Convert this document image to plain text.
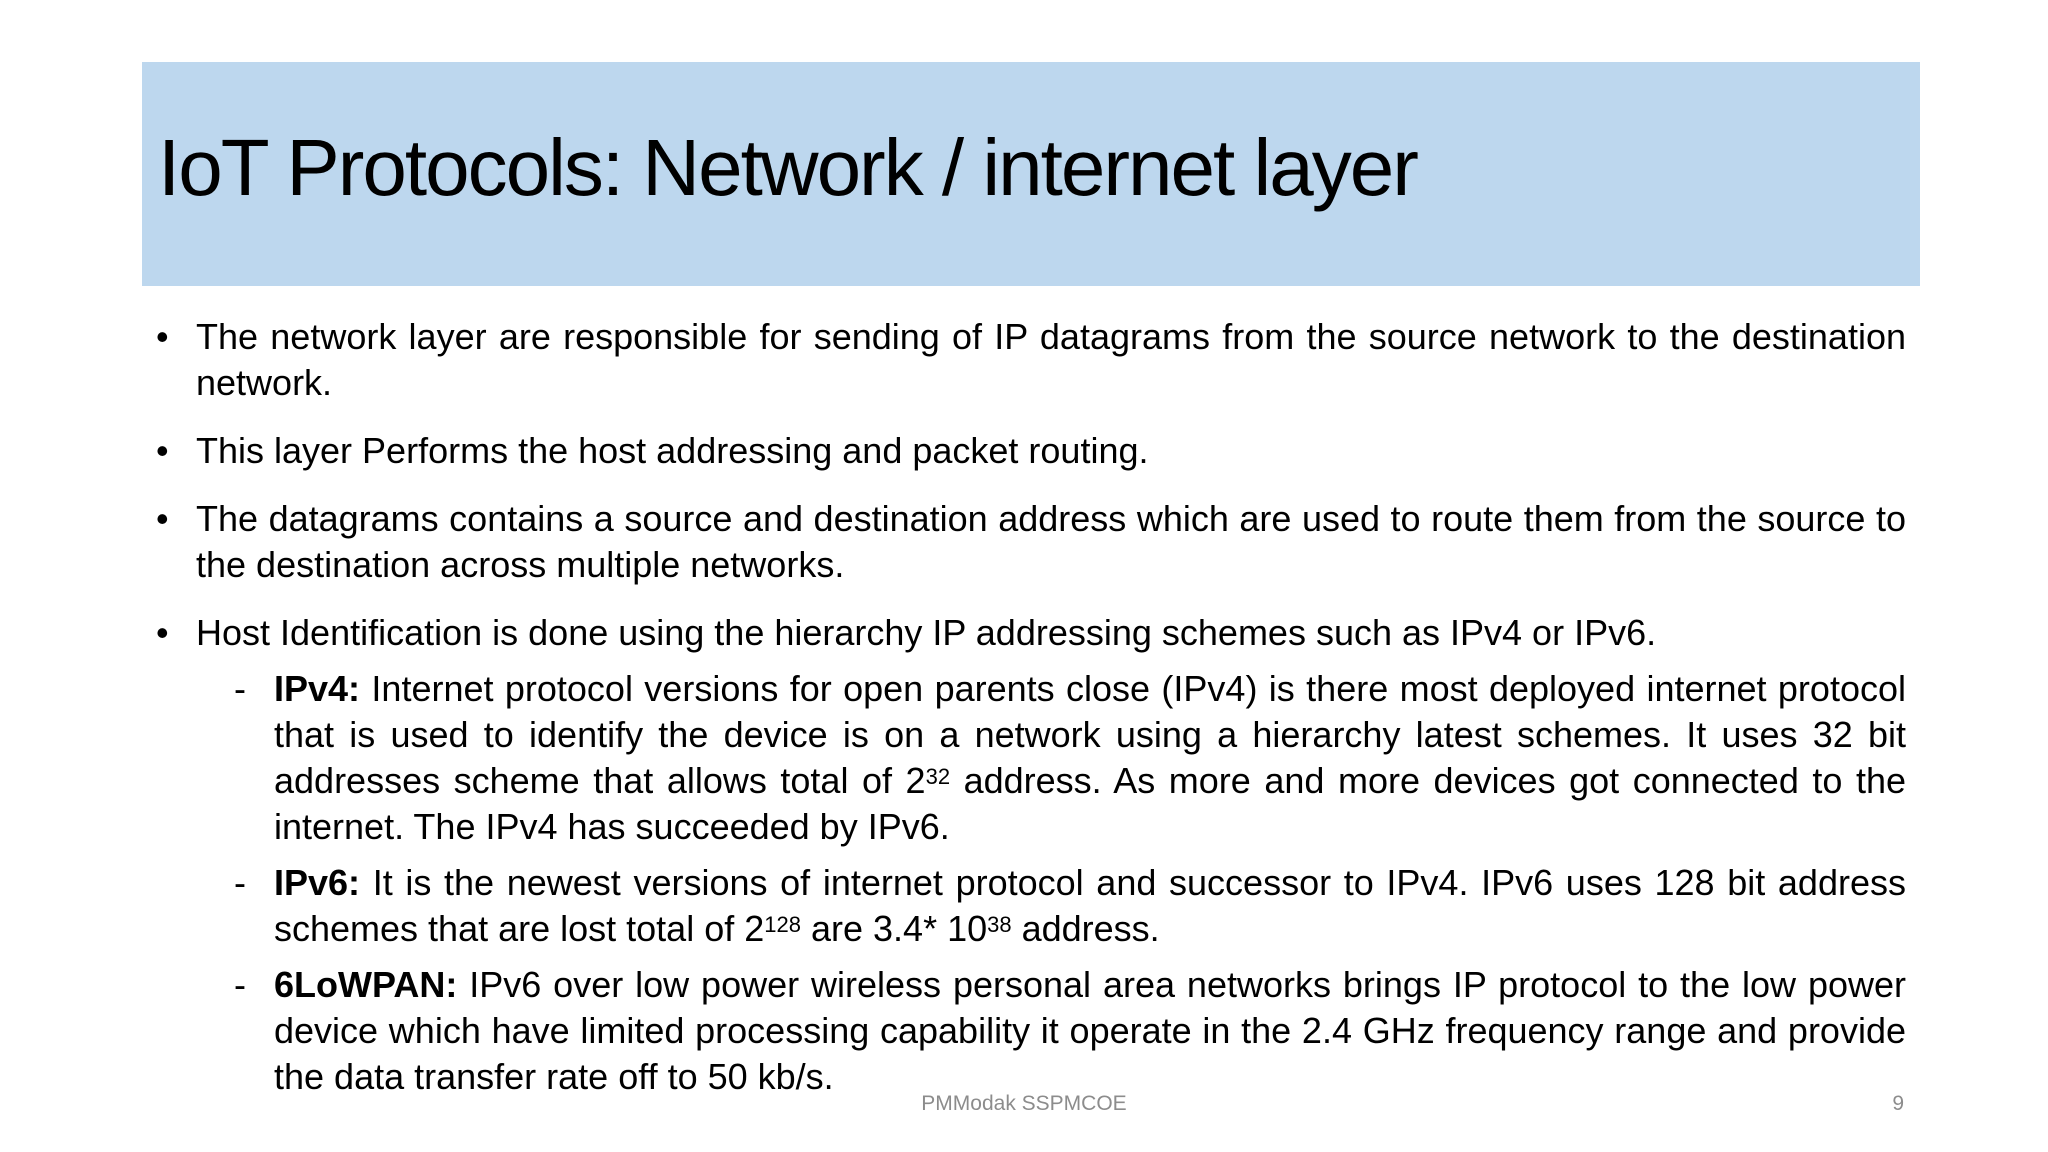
IoT Protocols: Network / internet layer
• The network layer are responsible for sending of IP datagrams from the source network to the destination network.
• This layer Performs the host addressing and packet routing.
• The datagrams contains a source and destination address which are used to route them from the source to the destination across multiple networks.
• Host Identification is done using the hierarchy IP addressing schemes such as IPv4 or IPv6.
- IPv4: Internet protocol versions for open parents close (IPv4) is there most deployed internet protocol that is used to identify the device is on a network using a hierarchy latest schemes. It uses 32 bit addresses scheme that allows total of $2^{32}$ address. As more and more devices got connected to the internet. The IPv4 has succeeded by IPv6.
- IPv6: It is the newest versions of internet protocol and successor to IPv4. IPv6 uses 128 bit address schemes that are lost total of $2^{128}$ are 3.4* $10^{38}$ address.
- 6LoWPAN: IPv6 over low power wireless personal area networks brings IP protocol to the low power device which have limited processing capability it operate in the 2.4 GHz frequency range and provide the data transfer rate off to 50 kb/s.
PMModak SSPMCOE	9
